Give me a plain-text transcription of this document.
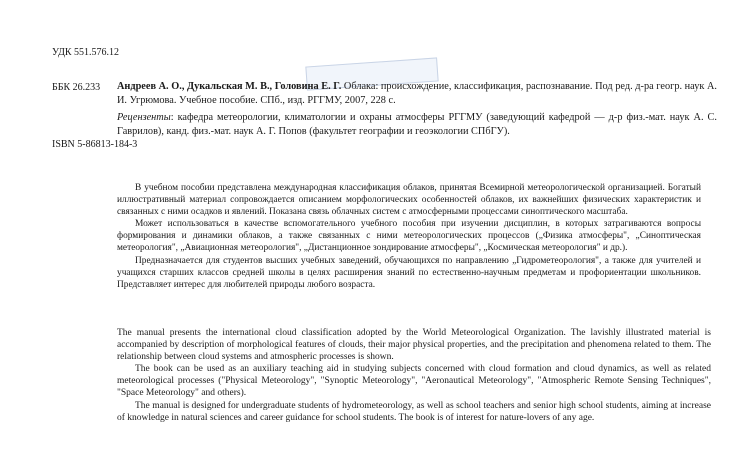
УДК 551.576.12
ББК 26.233 Андреев А. О., Дукальская М. В., Головина Е. Г. Облака: происхождение, классификация, распознавание. Под ред. д-ра геогр. наук А. И. Угрюмова. Учебное пособие. СПб., изд. РГГМУ, 2007, 228 с.
Рецензенты: кафедра метеорологии, климатологии и охраны атмосферы РГГМУ (заведующий кафедрой — д-р физ.-мат. наук А. С. Гаврилов), канд. физ.-мат. наук А. Г. Попов (факультет географии и геоэкологии СПбГУ).
ISBN 5-86813-184-3

В учебном пособии представлена международная классификация облаков, принятая Всемирной метеорологической организацией. Богатый иллюстративный материал сопровождается описанием морфологических особенностей облаков, их важнейших физических характеристик и связанных с ними осадков и явлений. Показана связь облачных систем с атмосферными процессами синоптического масштаба.

Может использоваться в качестве вспомогательного учебного пособия при изучении дисциплин, в которых затрагиваются вопросы формирования и динамики облаков, а также связанных с ними метеорологических процессов („Физика атмосферы", „Синоптическая метеорология", „Авиационная метеорология", „Дистанционное зондирование атмосферы", „Космическая метеорология" и др.).

Предназначается для студентов высших учебных заведений, обучающихся по направлению „Гидрометеорология", а также для учителей и учащихся старших классов средней школы в целях расширения знаний по естественно-научным предметам и профориентации школьников. Представляет интерес для любителей природы любого возраста.

The manual presents the international cloud classification adopted by the World Meteorological Organization. The lavishly illustrated material is accompanied by description of morphological features of clouds, their major physical properties, and the precipitation and phenomena related to them. The relationship between cloud systems and atmospheric processes is shown.

The book can be used as an auxiliary teaching aid in studying subjects concerned with cloud formation and cloud dynamics, as well as related meteorological processes ("Physical Meteorology", "Synoptic Meteorology", "Aeronautical Meteorology", "Atmospheric Remote Sensing Techniques", "Space Meteorology" and others).

The manual is designed for undergraduate students of hydrometeorology, as well as school teachers and senior high school students, aiming at increase of knowledge in natural sciences and career guidance for school students. The book is of interest for nature-lovers of any age.
